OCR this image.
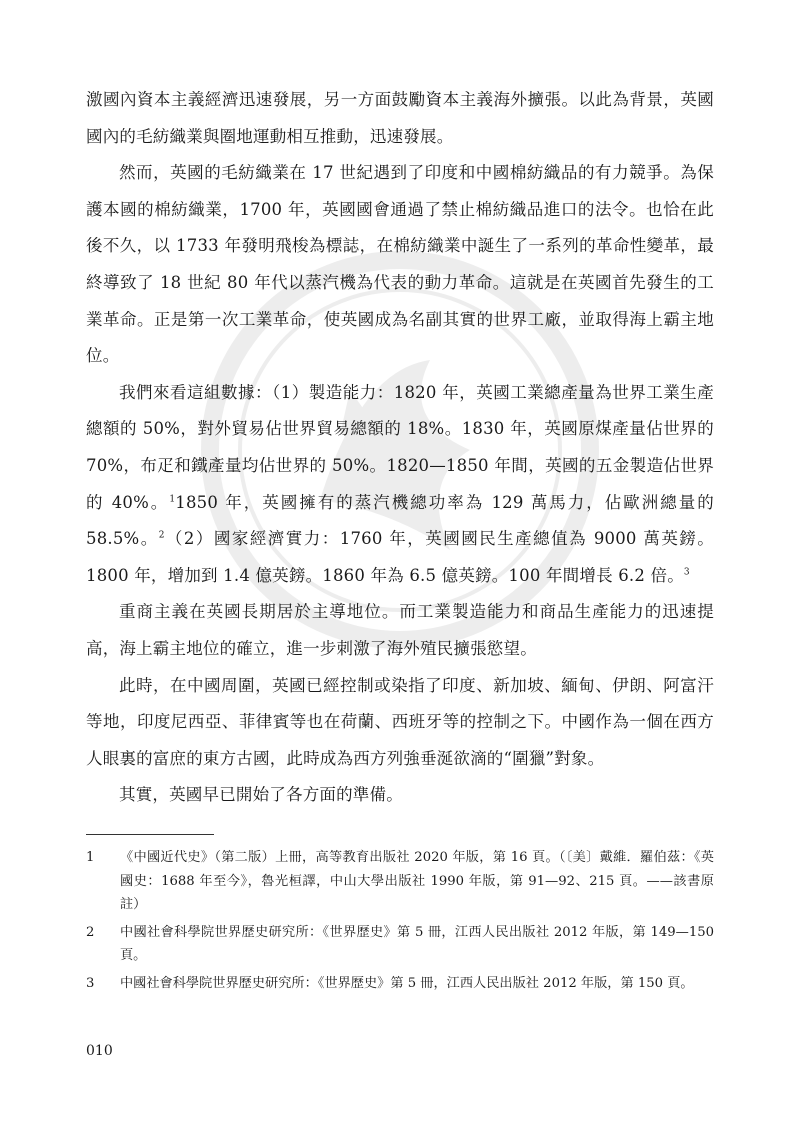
激國內資本主義經濟迅速發展，另一方面鼓勵資本主義海外擴張。以此為背景，英國國內的毛紡織業與圈地運動相互推動，迅速發展。

然而，英國的毛紡織業在 17 世紀遇到了印度和中國棉紡織品的有力競爭。為保護本國的棉紡織業，1700 年，英國國會通過了禁止棉紡織品進口的法令。也恰在此後不久，以 1733 年發明飛梭為標誌，在棉紡織業中誕生了一系列的革命性變革，最終導致了 18 世紀 80 年代以蒸汽機為代表的動力革命。這就是在英國首先發生的工業革命。正是第一次工業革命，使英國成為名副其實的世界工廠，並取得海上霸主地位。

我們來看這組數據：（1）製造能力：1820 年，英國工業總產量為世界工業生產總額的 50%，對外貿易佔世界貿易總額的 18%。1830 年，英國原煤產量佔世界的 70%，布疋和鐵產量均佔世界的 50%。1820—1850 年間，英國的五金製造佔世界的 40%。$^1$1850 年，英國擁有的蒸汽機總功率為 129 萬馬力，佔歐洲總量的 58.5%。$^2$（2）國家經濟實力：1760 年，英國國民生產總值為 9000 萬英鎊。1800 年，增加到 1.4 億英鎊。1860 年為 6.5 億英鎊。100 年間增長 6.2 倍。$^3$

重商主義在英國長期居於主導地位。而工業製造能力和商品生產能力的迅速提高，海上霸主地位的確立，進一步刺激了海外殖民擴張慾望。

此時，在中國周圍，英國已經控制或染指了印度、新加坡、緬甸、伊朗、阿富汗等地，印度尼西亞、菲律賓等也在荷蘭、西班牙等的控制之下。中國作為一個在西方人眼裏的富庶的東方古國，此時成為西方列強垂涎欲滴的“圍獵”對象。

其實，英國早已開始了各方面的準備。

1	《中國近代史》（第二版）上冊，高等教育出版社 2020 年版，第 16 頁。（〔美〕戴維．羅伯茲：《英國史：1688 年至今》，魯光桓譯，中山大學出版社 1990 年版，第 91—92、215 頁。——該書原註）
2	中國社會科學院世界歷史研究所：《世界歷史》第 5 冊，江西人民出版社 2012 年版，第 149—150 頁。
3	中國社會科學院世界歷史研究所：《世界歷史》第 5 冊，江西人民出版社 2012 年版，第 150 頁。
010
